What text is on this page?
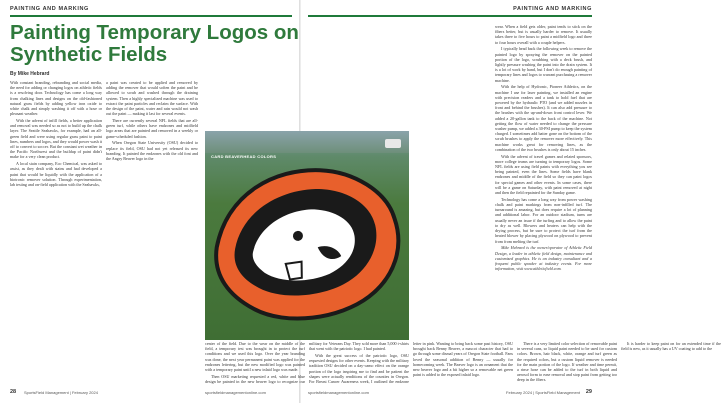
PAINTING AND MARKING
Painting Temporary Logos on Synthetic Fields
By Mike Hebrard

With constant branding, rebranding and social media, the need for adding or changing logos on athletic fields is a resolving door. Technology has come a long way from chalking lines and designs on the old-fashioned natural grass fields by adding yellow iron oxide to white chalk and simply washing it off with a hose or pleasant weather.

With the advent of infill fields, a better application and removal was needed so as not to build up the chalk layer. The Seattle Seahawks, for example, had an all-green field and were using regular grass paint to paint lines, numbers and logos, and they would power wash it off to convert to soccer. But the constant wet weather in the Pacific Northwest and the buildup of paint didn't make for a very clean product.

A local stain company, Eco Chemical, was asked to assist, as they dealt with stains and had developed a paint that would be liquidly with the application of a biotronic remover solution. Through experimentation, lab testing and on-field application with the Seahawks,

a paint was created to be applied and removed by adding the remover that would soften the paint and be allowed to scrub and washed through the draining system. Then a highly specialized machine was used to extract the paint particles and reclaim the surface. With the design of the paint, water and rain would not wash out the paint — making it last for several events.

There are currently several NFL fields that are all-green turf, while others have endzones and midfield logo areas that are painted and removed in a weekly or game-scheduled fashion.

When Oregon State University (OSU) decided to replace its field, OSU had not yet released its new branding. It painted the endzones with the old font and the Angry Beaver logo in the

28 SportsField Management | February 2024	sportsfieldmanagementonline.com
PAINTING AND MARKING

wear. When a field gets older, paint tends to stick on the fibers better, but is usually harder to remove. It usually takes three to five hours to paint a midfield logo and three to four hours overall with a couple helpers.

I typically head back the following week to remove the painted logo by spraying the remover on the painted portion of the logo, scrubbing with a deck brush, and lightly pressure washing the paint into the drain system. It is a lot of work by hand, but I don't do enough painting of temporary lines and logos to warrant purchasing a remover machine.

With the help of Hydronic, Pioneer Athletics, on the machine I use for laser painting, we installed an engine with precision readers and a tank to hold fuel that are powered by the hydraulic PTO (and we added nozzles in front and behind the brushes). It can also add pressure to the brushes with the up-and-down front control lever. We added a 20-gallon tank to the back of the machine. Not getting the flow of water needed to change the pressure washer pump, we added a 30-PSI pump to keep the system charged. I sometimes add batter gone on the bottom of the scrub brushes to apply the remover more effectively. This machine works great for removing lines, as the combination of the two brushes is only about 15 inches.

With the advent of travel games and related sponsors, more college teams are turning to temporary logos. Some NFL fields are using field paints with everything you see being painted, even the lines. Some fields have blank endzones and middle of the field so they can paint logos for special games and other events. In some cases, there will be a game on Saturday, with paint removed at night and then the field repainted for the Sunday game.

Technology has come a long way from power washing chalk and paint markings from non-infilled turf. The turnaround is amazing, but does require a lot of planning and additional labor. For an outdoor stadium, turns are usually never an issue if the turfing and to allow the paint to dry as well. Blowers and heaters can help with the drying process, but be sure to protect the turf from the heated blower by placing plywood on plywood to prevent from from melting the turf.

Mike Hebrard is the owner/operator of Athletic Field Design, a leader in athletic field design, maintenance and customized graphics. He is an industry consultant and a frequent public speaker at industry events. For more information, visit www.athleticfield.com.

29
February 2024 | SportsField Management
sportsfieldmanagementonline.com
CARD BEAVERHEAD COLORS

center of the field. Due to the wear on the middle of the field, a temporary test was brought in to protect the turf conditions and we used this logo. Over the year branding was done, the next year permanent paint was applied for the endzones lettering, but the new modified logo was painted with a temporary paint until a new inlaid logo was made.

Then OSU marketing requested a red, white and blue design be painted in the new beaver logo to recognize our military for Veterans Day. They sold more than 5,000 t-shirts that went with the patriotic logo. I had painted.

With the great success of the patriotic logo, OSU requested designs for other events. Keeping with the military tradition OSU decided on a day-camo effect on the orange portion of the logo inspiring me to find and be patient the shapes were actually renditions of the counties in Oregon. For Breast Cancer Awareness week, I outlined the endzone letter in pink. Wanting to bring back some past history, OSU brought back Benny Beaver, a mascot character that had to go through some dismal years of Oregon State football. Fans loved the seasonal addition of Benny — usually for homecoming week. The Beaver logo is an ornament that the new beaver logo and a bit higher so a removable net green paint is added to the exposed inlaid logo.

There is a very limited color selection of removable paint in several cans, so liquid paint needed to be used for custom colors. Brown, hair black, white, orange and turf green as the required colors, but a custom liquid remover is needed for the main portion of the logo. If weather and time permit, a rinse hose can be added to the turf in both liquid and aerosol form to ease removal and stop paint from getting too deep in the fibers.

It is harder to keep paint on for an extended time if the field is new, as it usually has a UV coating to add to the
